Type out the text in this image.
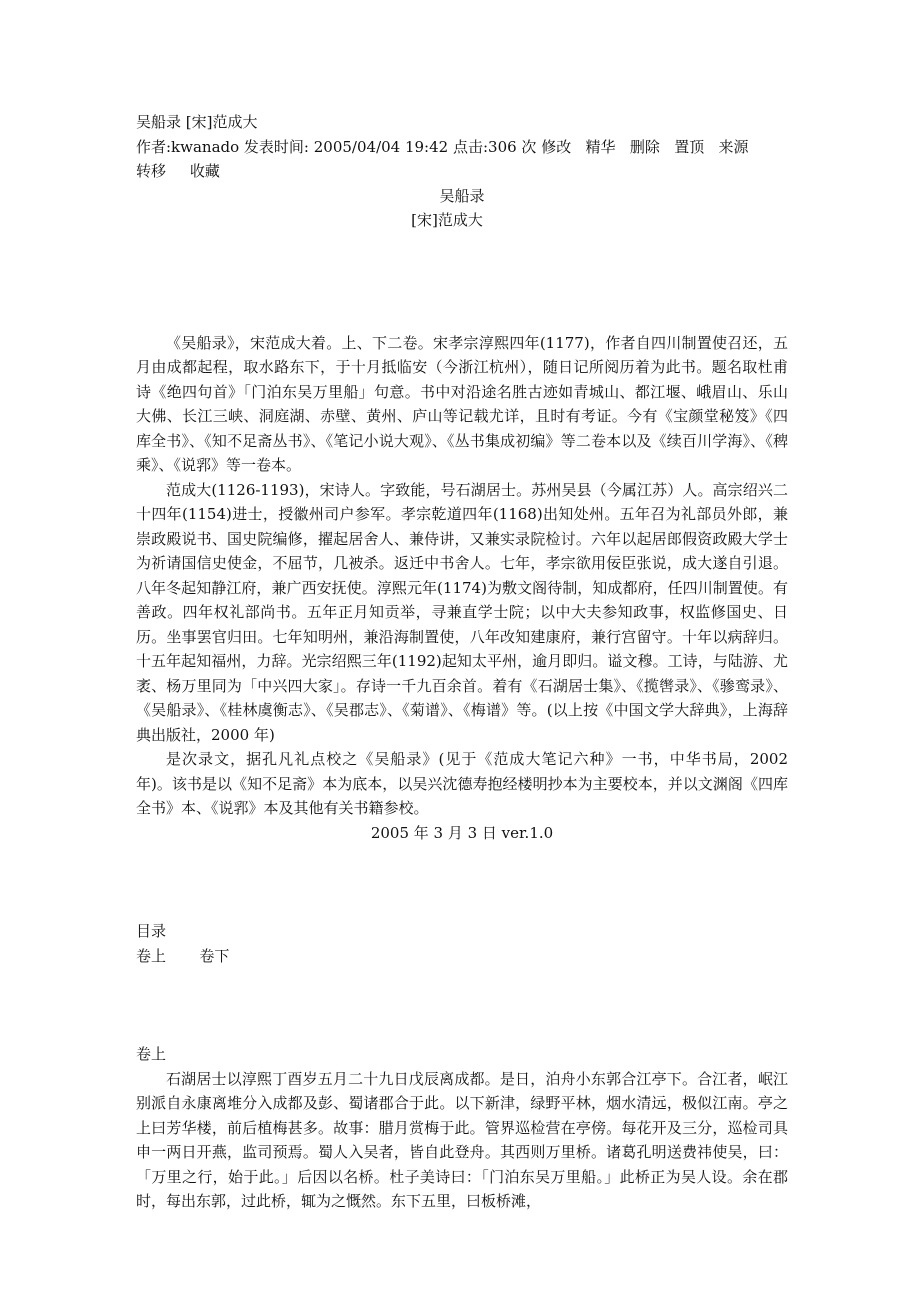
吴船录 [宋]范成大
作者:kwanado 发表时间: 2005/04/04 19:42 点击:306 次 修改 精华 删除 置顶 来源
转移 收藏
吴船录
[宋]范成大

《吴船录》，宋范成大着。上、下二卷。宋孝宗淳熙四年(1177)，作者自四川制置使召还，五月由成都起程，取水路东下，于十月抵临安（今浙江杭州），随日记所阅历着为此书。题名取杜甫诗《绝四句首》「门泊东吴万里船」句意。书中对沿途名胜古迹如青城山、都江堰、峨眉山、乐山大佛、长江三峡、洞庭湖、赤壁、黄州、庐山等记载尤详，且时有考证。今有《宝颜堂秘笈》《四库全书》、《知不足斋丛书》、《笔记小说大观》、《丛书集成初编》等二卷本以及《续百川学海》、《稗乘》、《说郛》等一卷本。

范成大(1126-1193)，宋诗人。字致能，号石湖居士。苏州吴县（今属江苏）人。高宗绍兴二十四年(1154)进士，授徽州司户参军。孝宗乾道四年(1168)出知处州。五年召为礼部员外郎，兼崇政殿说书、国史院编修，擢起居舍人、兼侍讲，又兼实录院检讨。六年以起居郎假资政殿大学士为祈请国信史使金，不屈节，几被杀。返迁中书舍人。七年，孝宗欲用佞臣张说，成大遂自引退。八年冬起知静江府，兼广西安抚使。淳熙元年(1174)为敷文阁待制，知成都府，任四川制置使。有善政。四年权礼部尚书。五年正月知贡举，寻兼直学士院；以中大夫参知政事，权监修国史、日历。坐事罢官归田。七年知明州，兼沿海制置使，八年改知建康府，兼行宫留守。十年以病辞归。十五年起知福州，力辞。光宗绍熙三年(1192)起知太平州，逾月即归。谥文穆。工诗，与陆游、尤袤、杨万里同为「中兴四大家」。存诗一千九百余首。着有《石湖居士集》、《揽辔录》、《骖鸾录》、《吴船录》、《桂林虞衡志》、《吴郡志》、《菊谱》、《梅谱》等。(以上按《中国文学大辞典》，上海辞典出版社，2000 年)

是次录文，据孔凡礼点校之《吴船录》(见于《范成大笔记六种》一书，中华书局，2002 年)。该书是以《知不足斋》本为底本，以吴兴沈德寿抱经楼明抄本为主要校本，并以文渊阁《四库全书》本、《说郛》本及其他有关书籍参校。

2005 年 3 月 3 日 ver.1.0
目录
卷上 卷下
卷上

石湖居士以淳熙丁酉岁五月二十九日戊辰离成都。是日，泊舟小东郭合江亭下。合江者，岷江别派自永康离堆分入成都及彭、蜀诸郡合于此。以下新津，绿野平林，烟水清远，极似江南。亭之上曰芳华楼，前后植梅甚多。故事：腊月赏梅于此。管界巡检营在亭傍。每花开及三分，巡检司具申一两日开燕，监司预焉。蜀人入吴者，皆自此登舟。其西则万里桥。诸葛孔明送费祎使吴，曰：「万里之行，始于此。」后因以名桥。杜子美诗曰：「门泊东吴万里船。」此桥正为吴人设。余在郡时，每出东郭，过此桥，辄为之慨然。东下五里，曰板桥滩，
